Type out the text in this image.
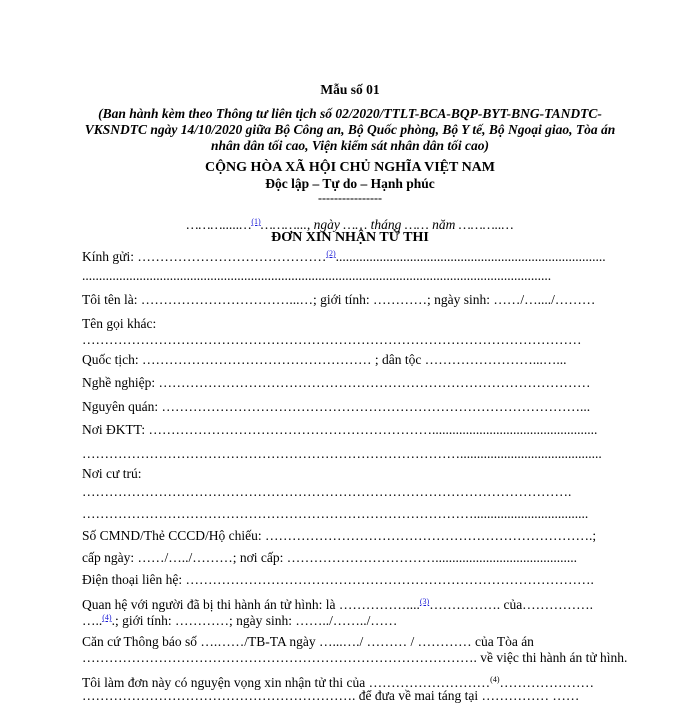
Mẫu số 01
(Ban hành kèm theo Thông tư liên tịch số 02/2020/TTLT-BCA-BQP-BYT-BNG-TANDTC-
VKSNDTC ngày 14/10/2020 giữa Bộ Công an, Bộ Quốc phòng, Bộ Y tế, Bộ Ngoại giao, Tòa án
nhân dân tối cao, Viện kiểm sát nhân dân tối cao)
CỘNG HÒA XÃ HỘI CHỦ NGHĨA VIỆT NAM
Độc lập – Tự do – Hạnh phúc
----------------
……….....…$^{(1)}$………..., ngày …… tháng …… năm ………..…
ĐƠN XIN NHẬN TỬ THI
Kính gửi: ……………………………………$^{(2)}$................................................................................
...........................................................................................................................................
Tôi tên là: ……………………………...…; giới tính: …………; ngày sinh: ……/…..../………
Tên gọi khác:
…………………………………………………………………………………………………
Quốc tịch: …………………………………………… ; dân tộc ……………………...…...
Nghề nghiệp: ……………………………………………………………………………………
Nguyên quán: …………………………………………………………………………………...
Nơi ĐKTT: ……………………………………………………….................................................
…………………………………………………………………………..........................................
Nơi cư trú:
……………………………………………………………………………………………….
……………………………………………………………………………..................................
Số CMND/Thẻ CCCD/Hộ chiếu: ……………………………………………………………….;
cấp ngày: ……/…../………; nơi cấp: ……………………………..........................................
Điện thoại liên hệ: ……………………………………………………………………………….
Quan hệ với người đã bị thi hành án tử hình: là ……………....$^{(3)}$……………. của…………….
…..$^{(4)}$.; giới tính: …………; ngày sinh: ……../……../……
Căn cứ Thông báo số ….……/TB-TA ngày …...…./ ……… / ………… của Tòa án
……………………………………………………………………………. về việc thi hành án tử hình.
Tôi làm đơn này có nguyện vọng xin nhận tử thi của ………………………$^{(4)}$…………………
……………………………………………………. để đưa về mai táng tại …………… ……
